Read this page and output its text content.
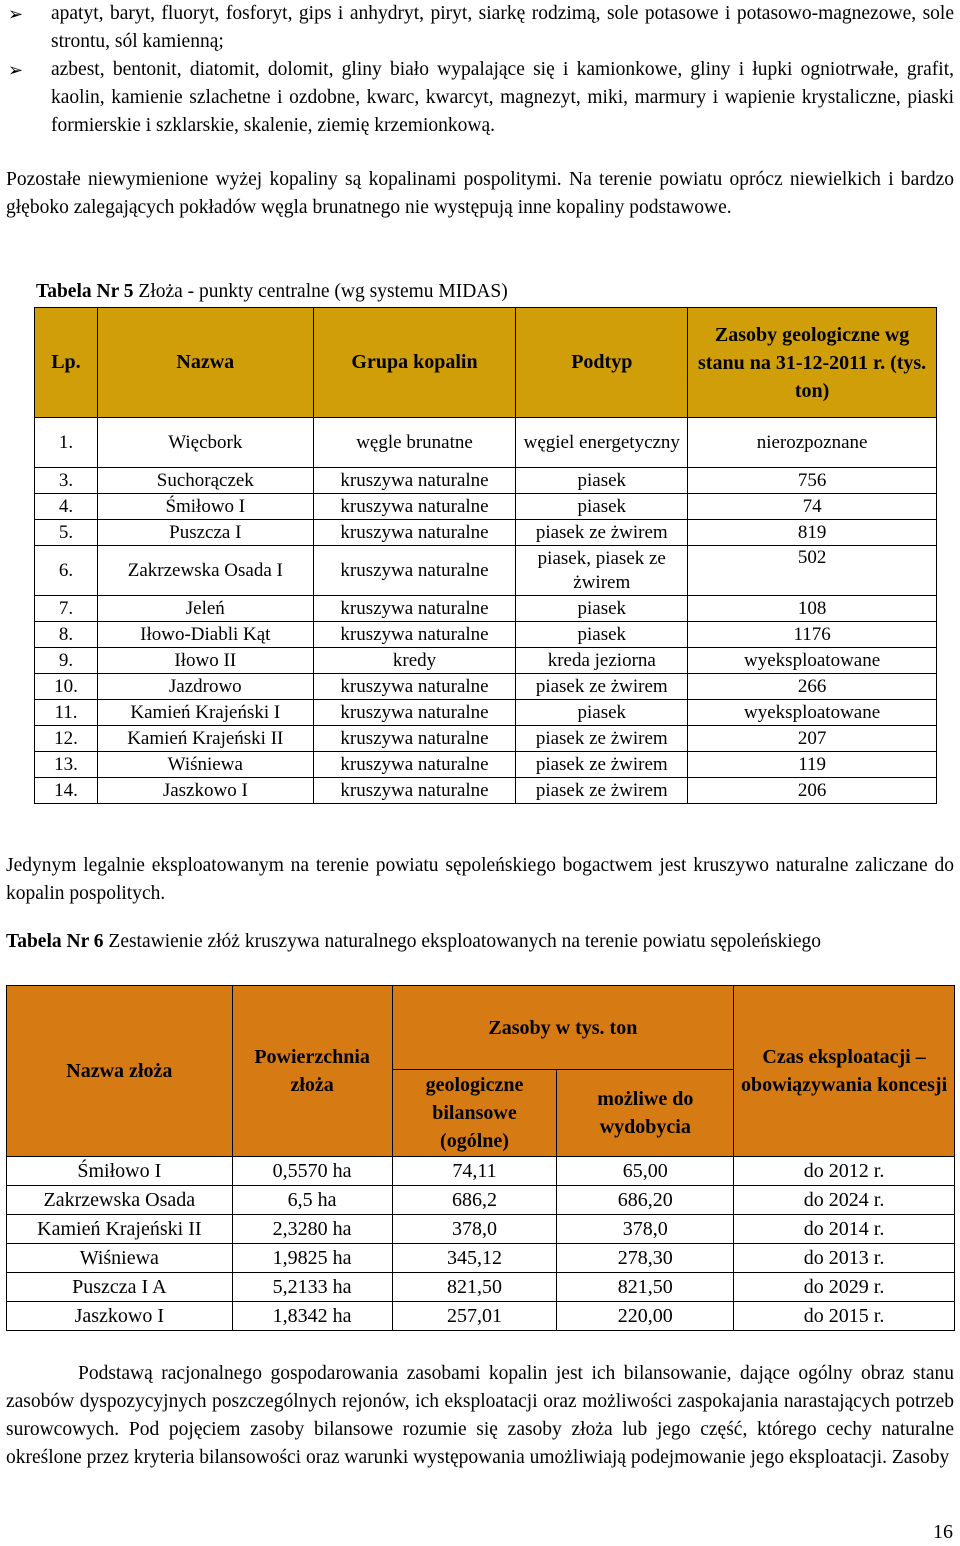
➢ apatyt, baryt, fluoryt, fosforyt, gips i anhydryt, piryt, siarkę rodzimą, sole potasowe i potasowo-magnezowe, sole strontu, sól kamienną;
➢ azbest, bentonit, diatomit, dolomit, gliny biało wypalające się i kamionkowe, gliny i łupki ogniotrwałe, grafit, kaolin, kamienie szlachetne i ozdobne, kwarc, kwarcyt, magnezyt, miki, marmury i wapienie krystaliczne, piaski formierskie i szklarskie, skalenie, ziemię krzemionkową.
Pozostałe niewymienione wyżej kopaliny są kopalinami pospolitymi. Na terenie powiatu oprócz niewielkich i bardzo głęboko zalegających pokładów węgla brunatnego nie występują inne kopaliny podstawowe.
Tabela Nr 5 Złoża - punkty centralne (wg systemu MIDAS)
Lp.	Nazwa	Grupa kopalin	Podtyp	Zasoby geologiczne wg stanu na 31-12-2011 r. (tys. ton)
1.	Więcbork	węgle brunatne	węgiel energetyczny	nierozpoznane
3.	Suchorączek	kruszywa naturalne	piasek	756
4.	Śmiłowo I	kruszywa naturalne	piasek	74
5.	Puszcza I	kruszywa naturalne	piasek ze żwirem	819
6.	Zakrzewska Osada I	kruszywa naturalne	piasek, piasek ze żwirem	502
7.	Jeleń	kruszywa naturalne	piasek	108
8.	Iłowo-Diabli Kąt	kruszywa naturalne	piasek	1176
9.	Iłowo II	kredy	kreda jeziorna	wyeksploatowane
10.	Jazdrowo	kruszywa naturalne	piasek ze żwirem	266
11.	Kamień Krajeński I	kruszywa naturalne	piasek	wyeksploatowane
12.	Kamień Krajeński II	kruszywa naturalne	piasek ze żwirem	207
13.	Wiśniewa	kruszywa naturalne	piasek ze żwirem	119
14.	Jaszkowo I	kruszywa naturalne	piasek ze żwirem	206
Jedynym legalnie eksploatowanym na terenie powiatu sępoleńskiego bogactwem jest kruszywo naturalne zaliczane do kopalin pospolitych.
Tabela Nr 6 Zestawienie złóż kruszywa naturalnego eksploatowanych na terenie powiatu sępoleńskiego
Nazwa złoża	Powierzchnia złoża	Zasoby w tys. ton		Czas eksploatacji – obowiązywania koncesji
		geologiczne bilansowe (ogólne)	możliwe do wydobycia	
Śmiłowo I	0,5570 ha	74,11	65,00	do 2012 r.
Zakrzewska Osada	6,5 ha	686,2	686,20	do 2024 r.
Kamień Krajeński II	2,3280 ha	378,0	378,0	do 2014 r.
Wiśniewa	1,9825 ha	345,12	278,30	do 2013 r.
Puszcza I A	5,2133 ha	821,50	821,50	do 2029 r.
Jaszkowo I	1,8342 ha	257,01	220,00	do 2015 r.
Podstawą racjonalnego gospodarowania zasobami kopalin jest ich bilansowanie, dające ogólny obraz stanu zasobów dyspozycyjnych poszczególnych rejonów, ich eksploatacji oraz możliwości zaspokajania narastających potrzeb surowcowych. Pod pojęciem zasoby bilansowe rozumie się zasoby złoża lub jego część, którego cechy naturalne określone przez kryteria bilansowości oraz warunki występowania umożliwiają podejmowanie jego eksploatacji. Zasoby
16
